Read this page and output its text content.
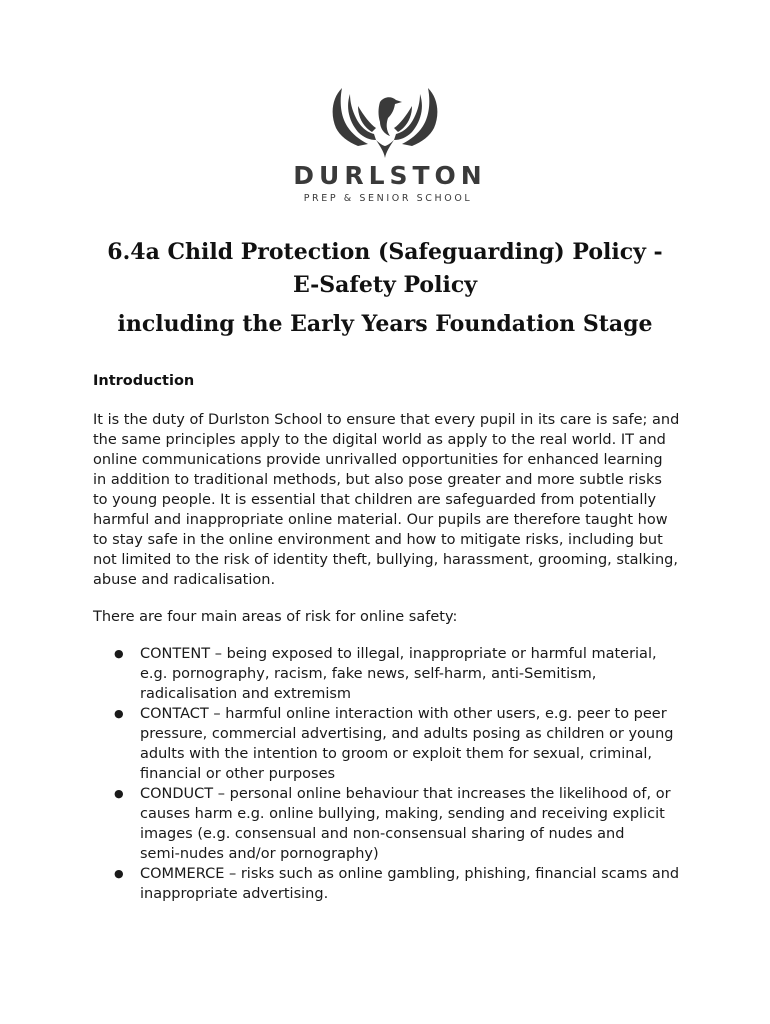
DURLSTON
PREP & SENIOR SCHOOL
6.4a Child Protection (Safeguarding) Policy -
E-Safety Policy
including the Early Years Foundation Stage
Introduction
It is the duty of Durlston School to ensure that every pupil in its care is safe; and
the same principles apply to the digital world as apply to the real world. IT and
online communications provide unrivalled opportunities for enhanced learning
in addition to traditional methods, but also pose greater and more subtle risks
to young people. It is essential that children are safeguarded from potentially
harmful and inappropriate online material. Our pupils are therefore taught how
to stay safe in the online environment and how to mitigate risks, including but
not limited to the risk of identity theft, bullying, harassment, grooming, stalking,
abuse and radicalisation.
There are four main areas of risk for online safety:
● CONTENT – being exposed to illegal, inappropriate or harmful material,
e.g. pornography, racism, fake news, self-harm, anti-Semitism,
radicalisation and extremism
● CONTACT – harmful online interaction with other users, e.g. peer to peer
pressure, commercial advertising, and adults posing as children or young
adults with the intention to groom or exploit them for sexual, criminal,
financial or other purposes
● CONDUCT – personal online behaviour that increases the likelihood of, or
causes harm e.g. online bullying, making, sending and receiving explicit
images (e.g. consensual and non-consensual sharing of nudes and
semi-nudes and/or pornography)
● COMMERCE – risks such as online gambling, phishing, financial scams and
inappropriate advertising.
